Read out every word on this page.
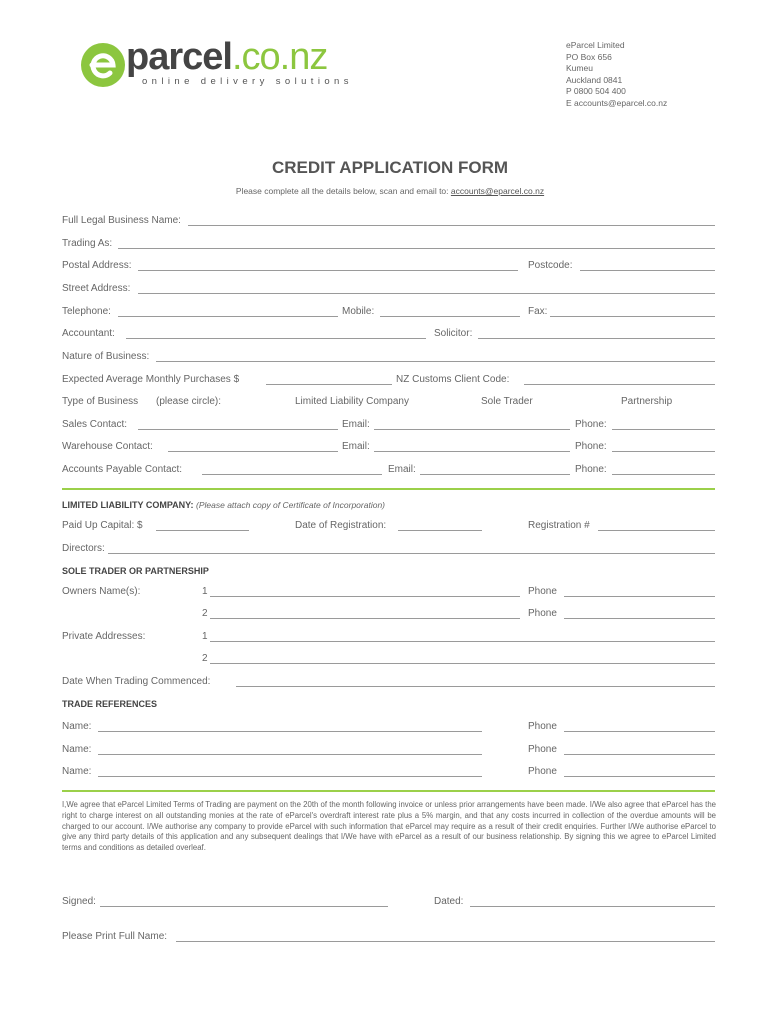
parcel.co.nz
online delivery solutions
eParcel Limited
PO Box 656
Kumeu
Auckland 0841
P 0800 504 400
E accounts@eparcel.co.nz
CREDIT APPLICATION FORM
Please complete all the details below, scan and email to: accounts@eparcel.co.nz
Full Legal Business Name:
Trading As:
Postal Address:	Postcode:
Street Address:
Telephone:	Mobile:	Fax:
Accountant:	Solicitor:
Nature of Business:
Expected Average Monthly Purchases $	NZ Customs Client Code:
Type of Business (please circle):	Limited Liability Company	Sole Trader	Partnership
Sales Contact:	Email:	Phone:
Warehouse Contact:	Email:	Phone:
Accounts Payable Contact:	Email:	Phone:
LIMITED LIABILITY COMPANY: (Please attach copy of Certificate of Incorporation)
Paid Up Capital: $	Date of Registration:	Registration #
Directors:
SOLE TRADER OR PARTNERSHIP
Owners Name(s):	1	Phone
2	Phone
Private Addresses:	1
2
Date When Trading Commenced:
TRADE REFERENCES
Name:	Phone
Name:	Phone
Name:	Phone
I,We agree that eParcel Limited Terms of Trading are payment on the 20th of the month following invoice or unless prior arrangements have been made. I/We also agree that eParcel has the right to charge interest on all outstanding monies at the rate of eParcel's overdraft interest rate plus a 5% margin, and that any costs incurred in collection of the overdue amounts will be charged to our account. I/We authorise any company to provide eParcel with such information that eParcel may require as a result of their credit enquiries. Further I/We authorise eParcel to give any third party details of this application and any subsequent dealings that I/We have with eParcel as a result of our business relationship. By signing this we agree to eParcel Limited terms and conditions as detailed overleaf.
Signed:	Dated:
Please Print Full Name:
